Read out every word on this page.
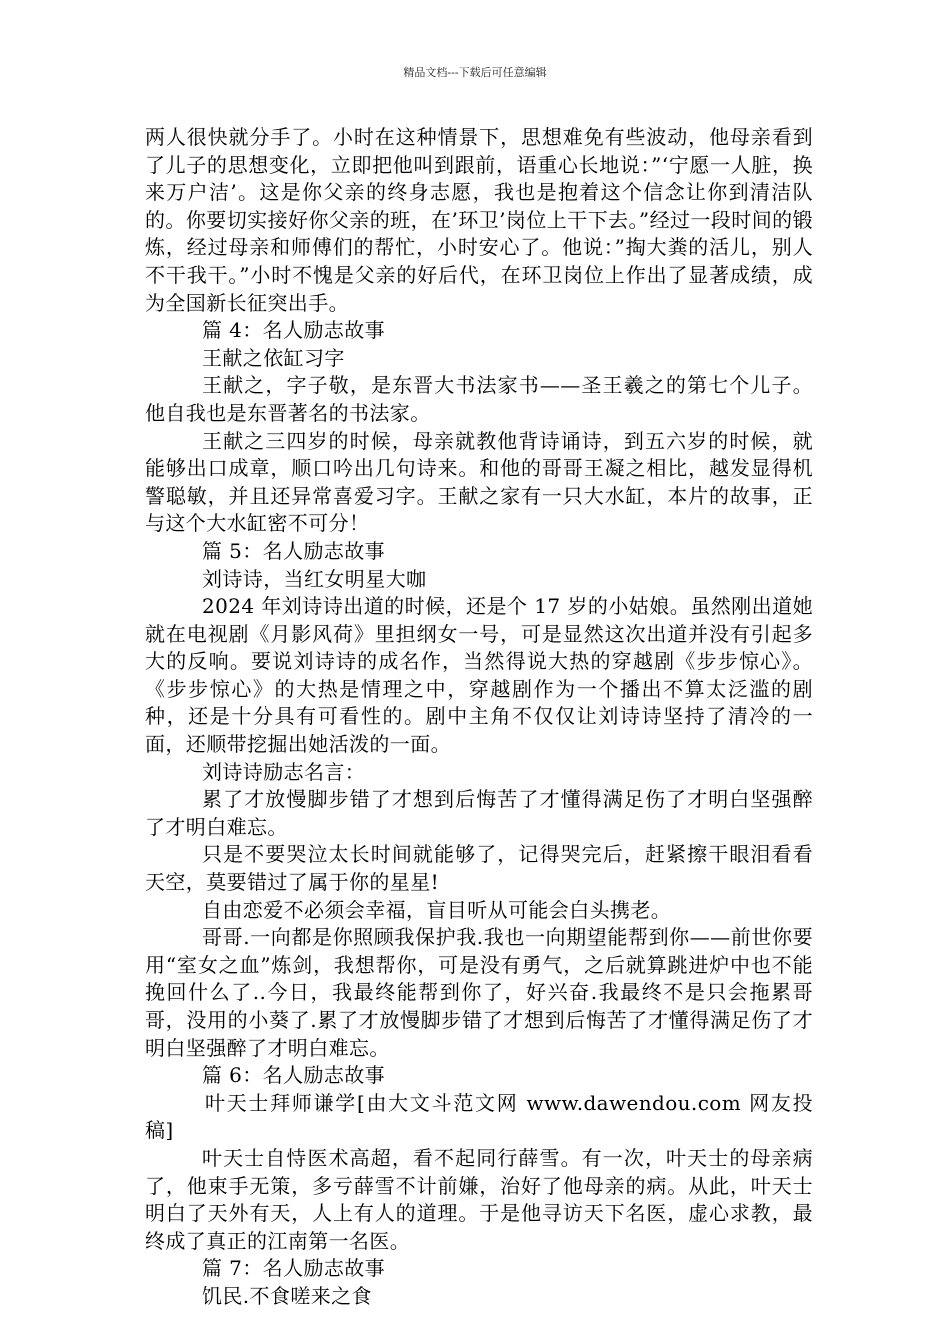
精品文档---下载后可任意编辑

两人很快就分手了。小时在这种情景下，思想难免有些波动，他母亲看到了儿子的思想变化，立即把他叫到跟前，语重心长地说：”‘宁愿一人脏，换来万户洁’。这是你父亲的终身志愿，我也是抱着这个信念让你到清洁队的。你要切实接好你父亲的班，在’环卫’岗位上干下去。”经过一段时间的锻炼，经过母亲和师傅们的帮忙，小时安心了。他说：”掏大粪的活儿，别人不干我干。”小时不愧是父亲的好后代，在环卫岗位上作出了显著成绩，成为全国新长征突出手。

篇 4：名人励志故事

王献之依缸习字

王献之，字子敬，是东晋大书法家书——圣王羲之的第七个儿子。他自我也是东晋著名的书法家。

王献之三四岁的时候，母亲就教他背诗诵诗，到五六岁的时候，就能够出口成章，顺口吟出几句诗来。和他的哥哥王凝之相比，越发显得机警聪敏，并且还异常喜爱习字。王献之家有一只大水缸，本片的故事，正与这个大水缸密不可分！

篇 5：名人励志故事

刘诗诗，当红女明星大咖

2024 年刘诗诗出道的时候，还是个 17 岁的小姑娘。虽然刚出道她就在电视剧《月影风荷》里担纲女一号，可是显然这次出道并没有引起多大的反响。要说刘诗诗的成名作，当然得说大热的穿越剧《步步惊心》。《步步惊心》的大热是情理之中，穿越剧作为一个播出不算太泛滥的剧种，还是十分具有可看性的。剧中主角不仅仅让刘诗诗坚持了清冷的一面，还顺带挖掘出她活泼的一面。

刘诗诗励志名言：

累了才放慢脚步错了才想到后悔苦了才懂得满足伤了才明白坚强醉了才明白难忘。

只是不要哭泣太长时间就能够了，记得哭完后，赶紧擦干眼泪看看天空，莫要错过了属于你的星星!

自由恋爱不必须会幸福，盲目听从可能会白头携老。

哥哥.一向都是你照顾我保护我.我也一向期望能帮到你——前世你要用“室女之血”炼剑，我想帮你，可是没有勇气，之后就算跳进炉中也不能挽回什么了..今日，我最终能帮到你了，好兴奋.我最终不是只会拖累哥哥，没用的小葵了.累了才放慢脚步错了才想到后悔苦了才懂得满足伤了才明白坚强醉了才明白难忘。

篇 6：名人励志故事

叶天士拜师谦学[由大文斗范文网 www.dawendou.com 网友投稿]

叶天士自恃医术高超，看不起同行薛雪。有一次，叶天士的母亲病了，他束手无策，多亏薛雪不计前嫌，治好了他母亲的病。从此，叶天士明白了天外有天，人上有人的道理。于是他寻访天下名医，虚心求教，最终成了真正的江南第一名医。

篇 7：名人励志故事

饥民.不食嗟来之食
